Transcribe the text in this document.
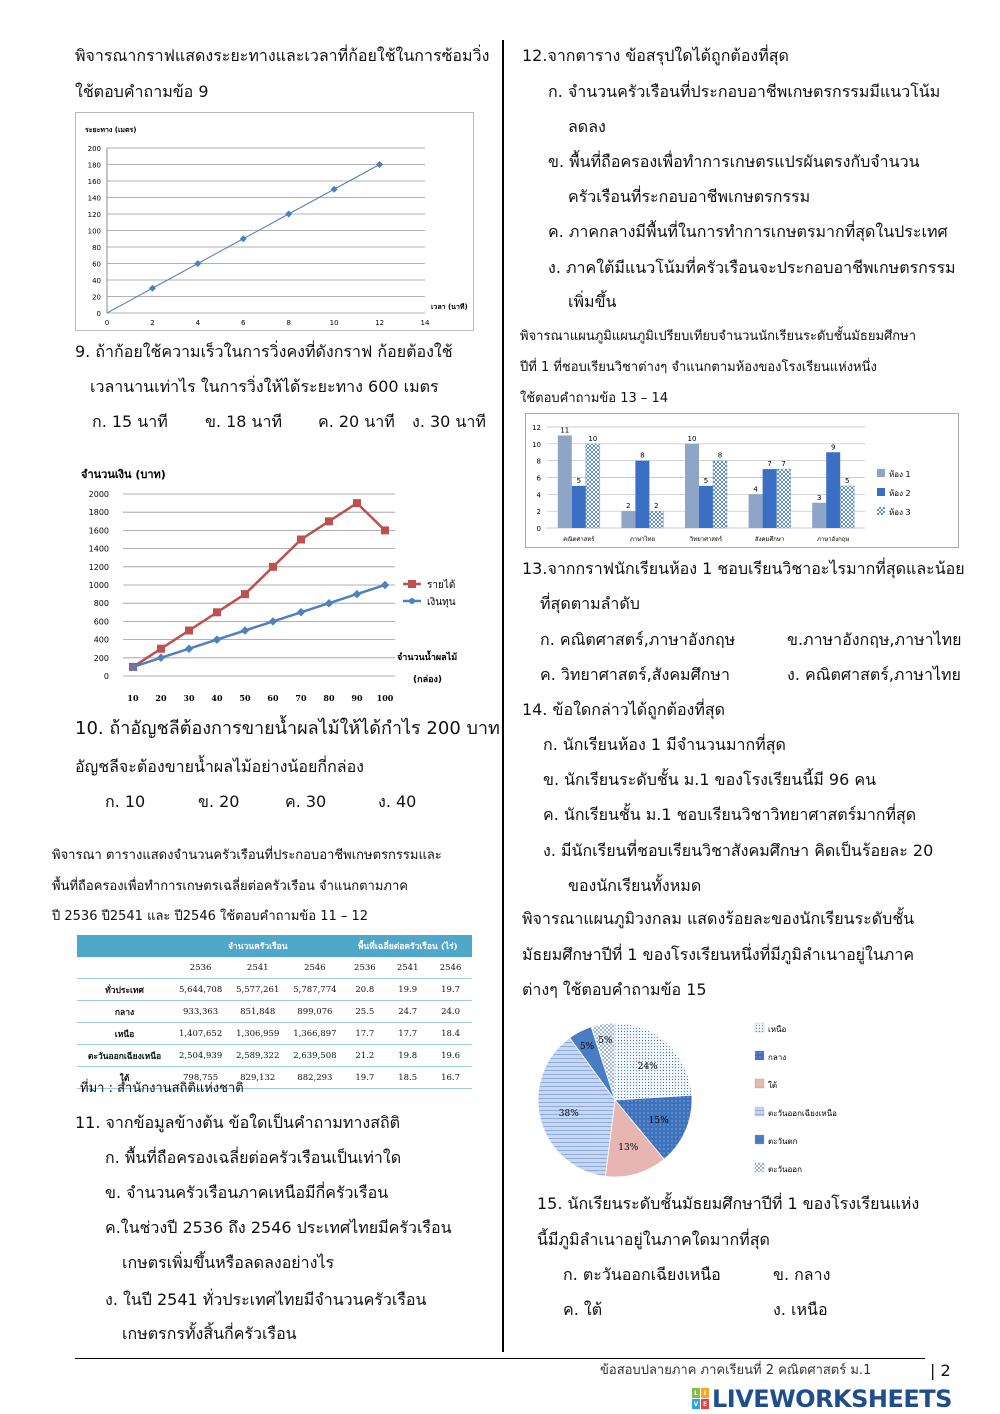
พิจารณากราฟแสดงระยะทางและเวลาที่ก้อยใช้ในการซ้อมวิ่ง
ใช้ตอบคำถามข้อ 9
ระยะทาง (เมตร)
0
20
40
60
80
100
120
140
160
180
200
0	2	4	6	8	10	12	14
เวลา (นาที)
9. ถ้าก้อยใช้ความเร็วในการวิ่งคงที่ดังกราฟ ก้อยต้องใช้
เวลานานเท่าไร ในการวิ่งให้ได้ระยะทาง 600 เมตร
ก. 15 นาที ข. 18 นาที ค. 20 นาที ง. 30 นาที
จำนวนเงิน (บาท)
0
200
400
600
800
1000
1200
1400
1600
1800
2000
10 20 30 40 50 60 70 80 90 100
รายได้
เงินทุน
จำนวนน้ำผลไม้
(กล่อง)
10. ถ้าอัญชลีต้องการขายน้ำผลไม้ให้ได้กำไร 200 บาท
อัญชลีจะต้องขายน้ำผลไม้อย่างน้อยกี่กล่อง
ก. 10	ข. 20	ค. 30	ง. 40
พิจารณา ตารางแสดงจำนวนครัวเรือนที่ประกอบอาชีพเกษตรกรรมและ
พื้นที่ถือครองเพื่อทำการเกษตรเฉลี่ยต่อครัวเรือน จำแนกตามภาค
ปี 2536 ปี2541 และ ปี2546 ใช้ตอบคำถามข้อ 11 – 12
	จำนวนครัวเรือน			พื้นที่เฉลี่ยต่อครัวเรือน (ไร่)		
	2536	2541	2546	2536	2541	2546
ทั่วประเทศ	5,644,708	5,577,261	5,787,774	20.8	19.9	19.7
กลาง	933,363	851,848	899,076	25.5	24.7	24.0
เหนือ	1,407,652	1,306,959	1,366,897	17.7	17.7	18.4
ตะวันออกเฉียงเหนือ	2,504,939	2,589,322	2,639,508	21.2	19.8	19.6
ใต้	798,755	829,132	882,293	19.7	18.5	16.7
ที่มา : สำนักงานสถิติแห่งชาติ
11. จากข้อมูลข้างต้น ข้อใดเป็นคำถามทางสถิติ
ก. พื้นที่ถือครองเฉลี่ยต่อครัวเรือนเป็นเท่าใด
ข. จำนวนครัวเรือนภาคเหนือมีกี่ครัวเรือน
ค.ในช่วงปี 2536 ถึง 2546 ประเทศไทยมีครัวเรือน
เกษตรเพิ่มขึ้นหรือลดลงอย่างไร
ง. ในปี 2541 ทั่วประเทศไทยมีจำนวนครัวเรือน
เกษตรกรทั้งสิ้นกี่ครัวเรือน
12.จากตาราง ข้อสรุปใดได้ถูกต้องที่สุด
ก. จำนวนครัวเรือนที่ประกอบอาชีพเกษตรกรรมมีแนวโน้ม
ลดลง
ข. พื้นที่ถือครองเพื่อทำการเกษตรแปรผันตรงกับจำนวน
ครัวเรือนที่ระกอบอาชีพเกษตรกรรม
ค. ภาคกลางมีพื้นที่ในการทำการเกษตรมากที่สุดในประเทศ
ง. ภาคใต้มีแนวโน้มที่ครัวเรือนจะประกอบอาชีพเกษตรกรรม
เพิ่มขึ้น
พิจารณาแผนภูมิแผนภูมิเปรียบเทียบจำนวนนักเรียนระดับชั้นมัธยมศึกษา
ปีที่ 1 ที่ชอบเรียนวิชาต่างๆ จำแนกตามห้องของโรงเรียนแห่งหนึ่ง
ใช้ตอบคำถามข้อ 13 – 14
0
2
4
6
8
10
12
คณิตศาสตร์
11
5
10
ภาษาไทย
2
8
2
วิทยาศาสตร์
10
5
8
สังคมศึกษา
4
7 7
ภาษาอังกฤษ
3
9
5
ห้อง 1
ห้อง 2
ห้อง 3
13.จากกราฟนักเรียนห้อง 1 ชอบเรียนวิชาอะไรมากที่สุดและน้อย
ที่สุดตามลำดับ
ก. คณิตศาสตร์,ภาษาอังกฤษ	ข.ภาษาอังกฤษ,ภาษาไทย
ค. วิทยาศาสตร์,สังคมศึกษา	ง. คณิตศาสตร์,ภาษาไทย
14. ข้อใดกล่าวได้ถูกต้องที่สุด
ก. นักเรียนห้อง 1 มีจำนวนมากที่สุด
ข. นักเรียนระดับชั้น ม.1 ของโรงเรียนนี้มี 96 คน
ค. นักเรียนชั้น ม.1 ชอบเรียนวิชาวิทยาศาสตร์มากที่สุด
ง. มีนักเรียนที่ชอบเรียนวิชาสังคมศึกษา คิดเป็นร้อยละ 20
ของนักเรียนทั้งหมด
พิจารณาแผนภูมิวงกลม แสดงร้อยละของนักเรียนระดับชั้น
มัธยมศึกษาปีที่ 1 ของโรงเรียนหนึ่งที่มีภูมิลำเนาอยู่ในภาค
ต่างๆ ใช้ตอบคำถามข้อ 15
24%
15%
13%
38%
5%
5%
เหนือ
กลาง
ใต้
ตะวันออกเฉียงเหนือ
ตะวันตก
ตะวันออก
15. นักเรียนระดับชั้นมัธยมศึกษาปีที่ 1 ของโรงเรียนแห่ง
นี้มีภูมิลำเนาอยู่ในภาคใดมากที่สุด
ก. ตะวันออกเฉียงเหนือ	ข. กลาง
ค. ใต้	ง. เหนือ
ข้อสอบปลายภาค ภาคเรียนที่ 2 คณิตศาสตร์ ม.1	| 2
L I
V E LIVEWORKSHEETS
